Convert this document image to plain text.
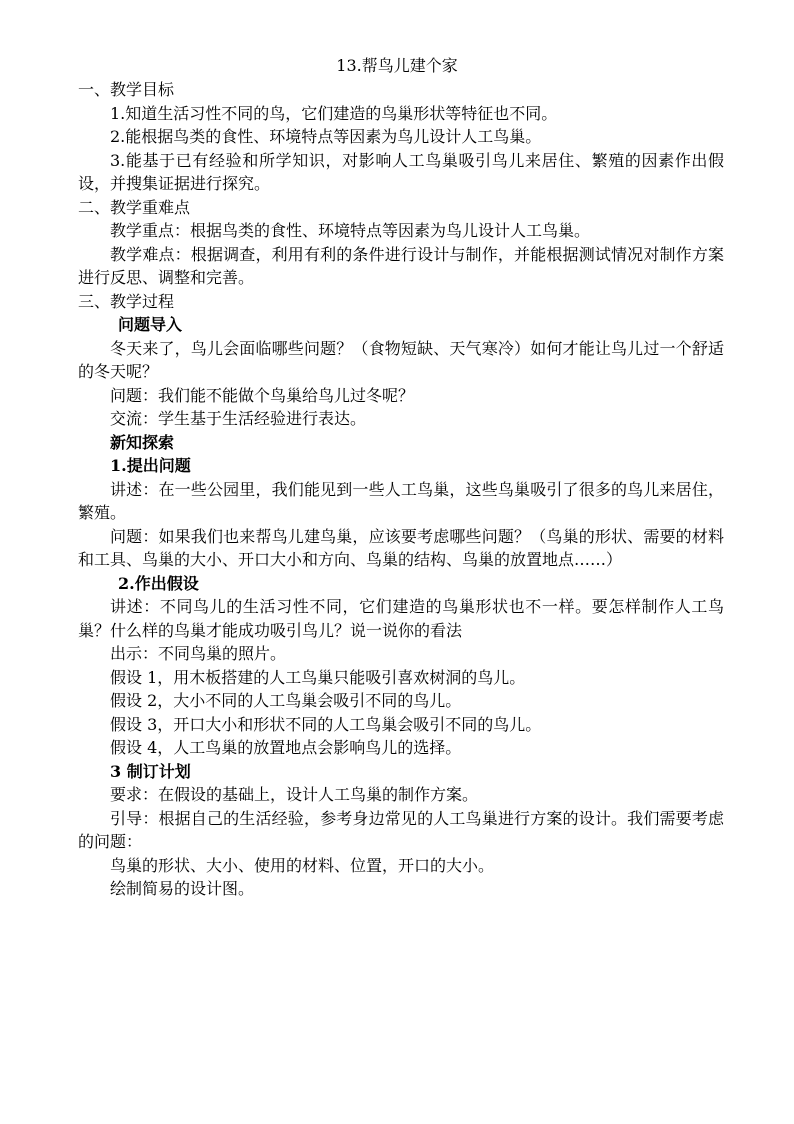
13.帮鸟儿建个家

一、教学目标

1.知道生活习性不同的鸟，它们建造的鸟巢形状等特征也不同。

2.能根据鸟类的食性、环境特点等因素为鸟儿设计人工鸟巢。

3.能基于已有经验和所学知识，对影响人工鸟巢吸引鸟儿来居住、繁殖的因素作出假设，并搜集证据进行探究。

二、教学重难点

教学重点：根据鸟类的食性、环境特点等因素为鸟儿设计人工鸟巢。

教学难点：根据调查，利用有利的条件进行设计与制作，并能根据测试情况对制作方案进行反思、调整和完善。

三、教学过程

问题导入

冬天来了，鸟儿会面临哪些问题？（食物短缺、天气寒冷）如何才能让鸟儿过一个舒适的冬天呢？

问题：我们能不能做个鸟巢给鸟儿过冬呢？

交流：学生基于生活经验进行表达。

新知探索

1.提出问题

讲述：在一些公园里，我们能见到一些人工鸟巢，这些鸟巢吸引了很多的鸟儿来居住，繁殖。

问题：如果我们也来帮鸟儿建鸟巢，应该要考虑哪些问题？（鸟巢的形状、需要的材料和工具、鸟巢的大小、开口大小和方向、鸟巢的结构、鸟巢的放置地点……）

2.作出假设

讲述：不同鸟儿的生活习性不同，它们建造的鸟巢形状也不一样。要怎样制作人工鸟巢？什么样的鸟巢才能成功吸引鸟儿？说一说你的看法

出示：不同鸟巢的照片。

假设 1，用木板搭建的人工鸟巢只能吸引喜欢树洞的鸟儿。

假设 2，大小不同的人工鸟巢会吸引不同的鸟儿。

假设 3，开口大小和形状不同的人工鸟巢会吸引不同的鸟儿。

假设 4，人工鸟巢的放置地点会影响鸟儿的选择。

3 制订计划

要求：在假设的基础上，设计人工鸟巢的制作方案。

引导：根据自己的生活经验，参考身边常见的人工鸟巢进行方案的设计。我们需要考虑的问题：

鸟巢的形状、大小、使用的材料、位置，开口的大小。

绘制简易的设计图。
